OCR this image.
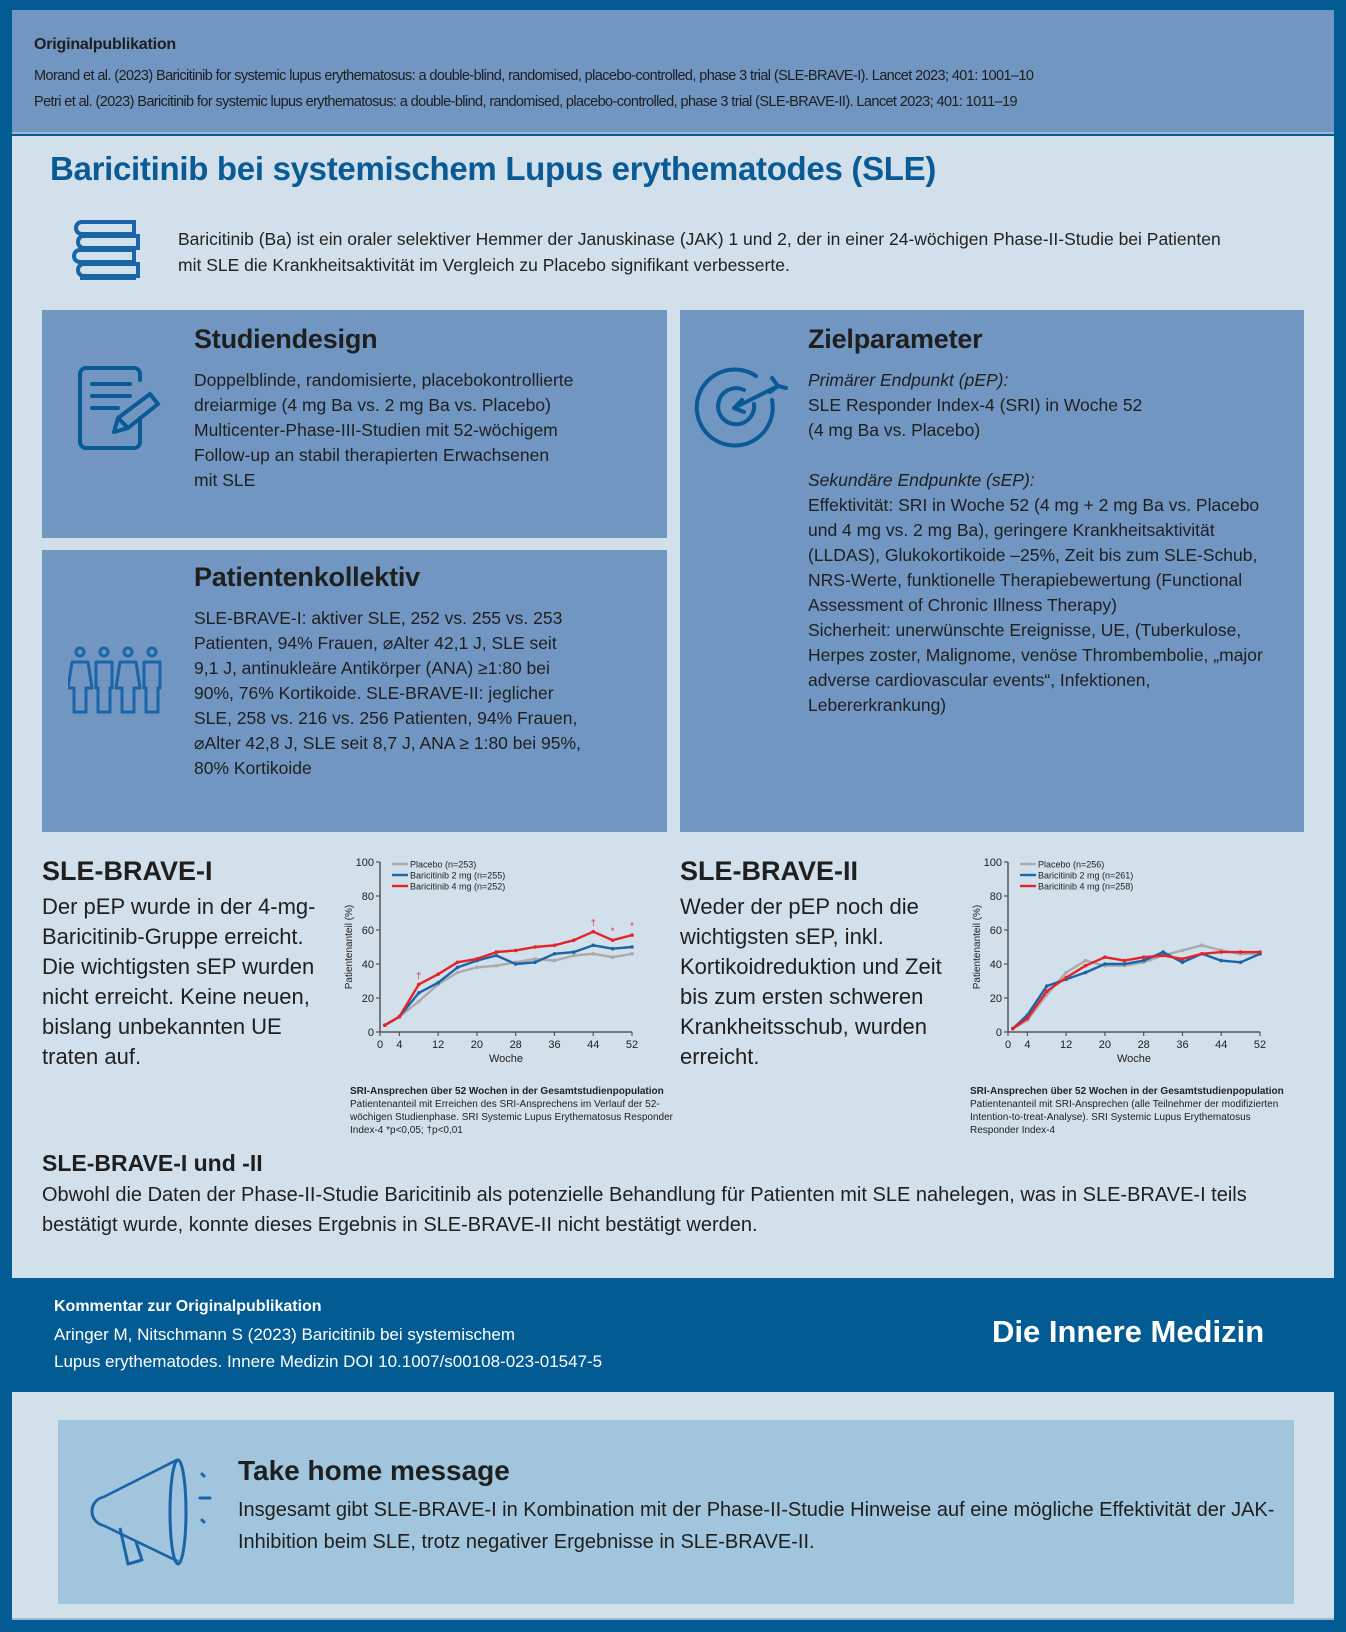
Originalpublikation
Morand et al. (2023) Baricitinib for systemic lupus erythematosus: a double-blind, randomised, placebo-controlled, phase 3 trial (SLE-BRAVE-I). Lancet 2023; 401: 1001–10
Petri et al. (2023) Baricitinib for systemic lupus erythematosus: a double-blind, randomised, placebo-controlled, phase 3 trial (SLE-BRAVE-II). Lancet 2023; 401: 1011–19
Baricitinib bei systemischem Lupus erythematodes (SLE)
Baricitinib (Ba) ist ein oraler selektiver Hemmer der Januskinase (JAK) 1 und 2, der in einer 24-wöchigen Phase-II-Studie bei Patienten mit SLE die Krankheitsaktivität im Vergleich zu Placebo signifikant verbesserte.
Studiendesign
Doppelblinde, randomisierte, placebokontrollierte dreiarmige (4 mg Ba vs. 2 mg Ba vs. Placebo) Multicenter-Phase-III-Studien mit 52-wöchigem Follow-up an stabil therapierten Erwachsenen mit SLE
Patientenkollektiv
SLE-BRAVE-I: aktiver SLE, 252 vs. 255 vs. 253 Patienten, 94% Frauen, ⌀Alter 42,1 J, SLE seit 9,1 J, antinukleäre Antikörper (ANA) ≥1:80 bei 90%, 76% Kortikoide. SLE-BRAVE-II: jeglicher SLE, 258 vs. 216 vs. 256 Patienten, 94% Frauen, ⌀Alter 42,8 J, SLE seit 8,7 J, ANA ≥ 1:80 bei 95%, 80% Kortikoide
Zielparameter
Primärer Endpunkt (pEP):
SLE Responder Index-4 (SRI) in Woche 52 (4 mg Ba vs. Placebo)
Sekundäre Endpunkte (sEP):
Effektivität: SRI in Woche 52 (4 mg + 2 mg Ba vs. Placebo und 4 mg vs. 2 mg Ba), geringere Krankheitsaktivität (LLDAS), Glukokortikoide –25%, Zeit bis zum SLE-Schub, NRS-Werte, funktionelle Therapiebewertung (Functional Assessment of Chronic Illness Therapy)
Sicherheit: unerwünschte Ereignisse, UE, (Tuberkulose, Herpes zoster, Malignome, venöse Thrombembolie, „major adverse cardiovascular events“, Infektionen, Lebererkrankung)
SLE-BRAVE-I
Der pEP wurde in der 4-mg-Baricitinib-Gruppe erreicht. Die wichtigsten sEP wurden nicht erreicht. Keine neuen, bislang unbekannten UE traten auf.
0
20
40
60
80
100
0 4	12 20 28 36 44 52
Woche
Patientenanteil (%)
Placebo (n=253)
Baricitinib 2 mg (n=255)
Baricitinib 4 mg (n=252)
†
†
*
*
SRI-Ansprechen über 52 Wochen in der Gesamtstudienpopulation
Patientenanteil mit Erreichen des SRI-Ansprechens im Verlauf der 52-wöchigen Studienphase. SRI Systemic Lupus Erythematosus Responder Index-4 *p<0,05; †p<0,01
SLE-BRAVE-II
Weder der pEP noch die wichtigsten sEP, inkl. Kortikoidreduktion und Zeit bis zum ersten schweren Krankheitsschub, wurden erreicht.
0
20
40
60
80
100
0 4	12 20 28 36 44 52
Woche
Patientenanteil (%)
Placebo (n=256)
Baricitinib 2 mg (n=261)
Baricitinib 4 mg (n=258)
SRI-Ansprechen über 52 Wochen in der Gesamtstudienpopulation
Patientenanteil mit SRI-Ansprechen (alle Teilnehmer der modifizierten Intention-to-treat-Analyse). SRI Systemic Lupus Erythematosus Responder Index-4
SLE-BRAVE-I und -II
Obwohl die Daten der Phase-II-Studie Baricitinib als potenzielle Behandlung für Patienten mit SLE nahelegen, was in SLE-BRAVE-I teils bestätigt wurde, konnte dieses Ergebnis in SLE-BRAVE-II nicht bestätigt werden.
Kommentar zur Originalpublikation
Aringer M, Nitschmann S (2023) Baricitinib bei systemischem
Lupus erythematodes. Innere Medizin DOI 10.1007/s00108-023-01547-5
Die Innere Medizin
Take home message
Insgesamt gibt SLE-BRAVE-I in Kombination mit der Phase-II-Studie Hinweise auf eine mögliche Effektivität der JAK-Inhibition beim SLE, trotz negativer Ergebnisse in SLE-BRAVE-II.
